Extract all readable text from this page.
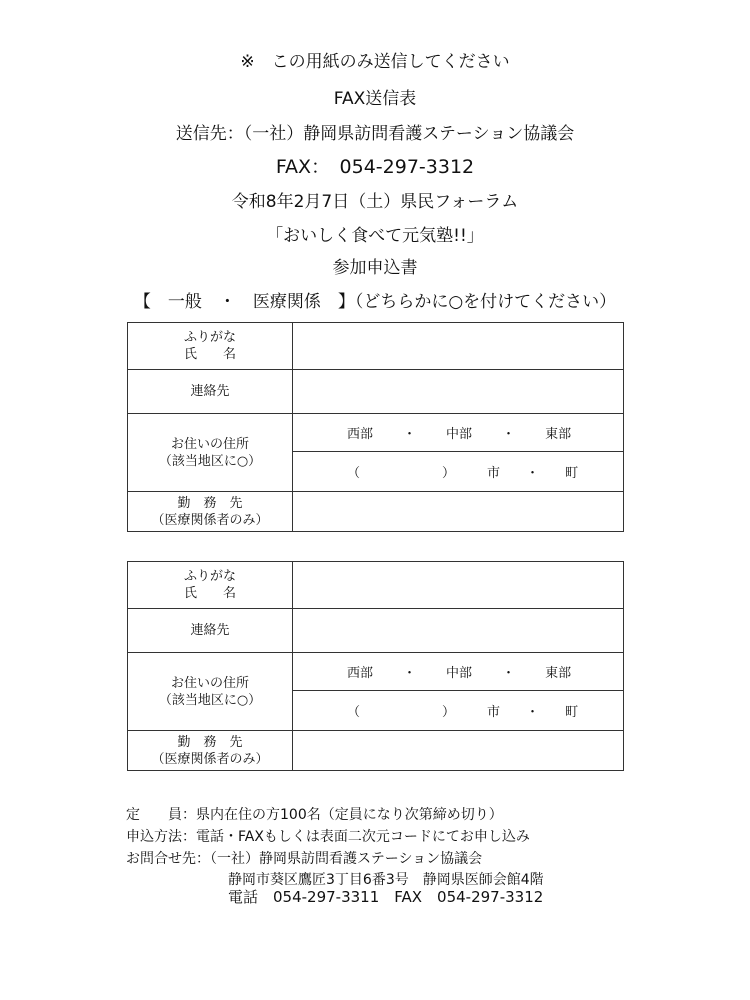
※　この用紙のみ送信してください
FAX送信表
送信先：（一社）静岡県訪問看護ステーション協議会
FAX：　054-297-3312
令和8年2月7日（土）県民フォーラム
「おいしく食べて元気塾!!」
参加申込書
【　一般　・　医療関係　】（どちらかに○を付けてください）
ふりがな
氏　　名	

連絡先	

お住いの住所
（該当地区に○）	西部 ・ 中部 ・ 東部
	（ ） 市 ・ 町

勤　務　先
（医療関係者のみ）	

ふりがな
氏　　名	

連絡先	

お住いの住所
（該当地区に○）	西部 ・ 中部 ・ 東部
	（ ） 市 ・ 町

勤　務　先
（医療関係者のみ）	

定　　員：県内在住の方100名（定員になり次第締め切り）
申込方法：電話・FAXもしくは表面二次元コードにてお申し込み
お問合せ先：（一社）静岡県訪問看護ステーション協議会
静岡市葵区鷹匠3丁目6番3号　静岡県医師会館4階
電話　054-297-3311　FAX　054-297-3312
